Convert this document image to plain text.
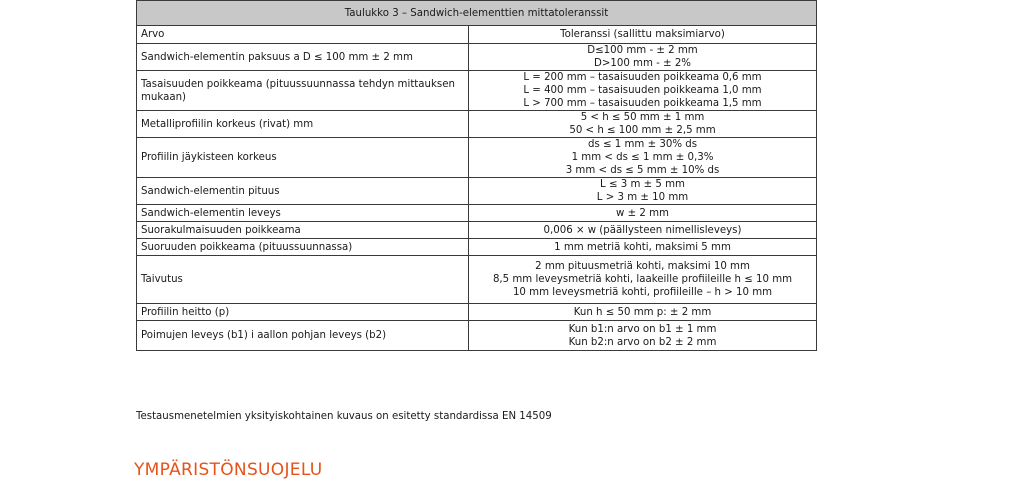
Taulukko 3 – Sandwich-elementtien mittatoleranssit	
Arvo	Toleranssi (sallittu maksimiarvo)
Sandwich-elementin paksuus a D ≤ 100 mm ± 2 mm	D≤100 mm - ± 2 mm
D>100 mm - ± 2%

Tasaisuuden poikkeama (pituussuunnassa tehdyn mittauksen mukaan)	L = 200 mm – tasaisuuden poikkeama 0,6 mm
L = 400 mm – tasaisuuden poikkeama 1,0 mm
L > 700 mm – tasaisuuden poikkeama 1,5 mm

Metalliprofiilin korkeus (rivat) mm	5 < h ≤ 50 mm ± 1 mm
50 < h ≤ 100 mm ± 2,5 mm

Profiilin jäykisteen korkeus	ds ≤ 1 mm ± 30% ds
1 mm < ds ≤ 1 mm ± 0,3%
3 mm < ds ≤ 5 mm ± 10% ds

Sandwich-elementin pituus	L ≤ 3 m ± 5 mm
L > 3 m ± 10 mm

Sandwich-elementin leveys	w ± 2 mm

Suorakulmaisuuden poikkeama	0,006 × w (päällysteen nimellisleveys)

Suoruuden poikkeama (pituussuunnassa)	1 mm metriä kohti, maksimi 5 mm

Taivutus	2 mm pituusmetriä kohti, maksimi 10 mm
8,5 mm leveysmetriä kohti, laakeille profiileille h ≤ 10 mm
10 mm leveysmetriä kohti, profiileille – h > 10 mm

Profiilin heitto (p)	Kun h ≤ 50 mm p: ± 2 mm

Poimujen leveys (b1) i aallon pohjan leveys (b2)	Kun b1:n arvo on b1 ± 1 mm
Kun b2:n arvo on b2 ± 2 mm

Testausmenetelmien yksityiskohtainen kuvaus on esitetty standardissa EN 14509

YMPÄRISTÖNSUOJELU
